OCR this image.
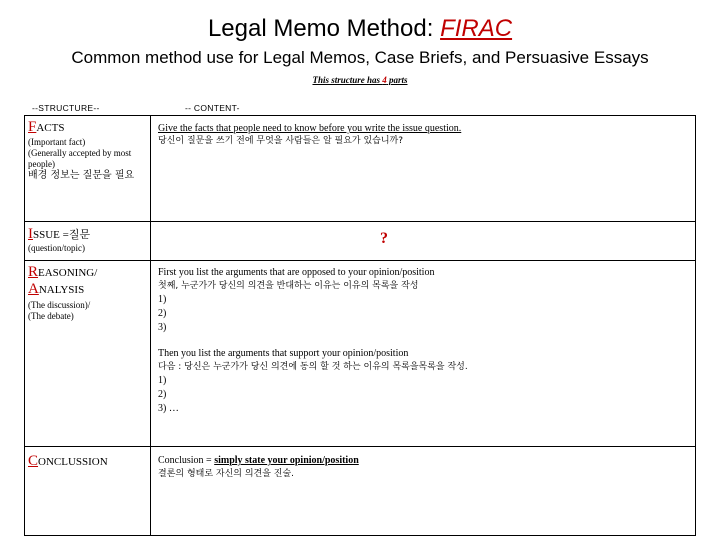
Legal Memo Method: FIRAC
Common method use for Legal Memos, Case Briefs, and Persuasive Essays
This structure has 4 parts
--STRUCTURE--	-- CONTENT-
FACTS
(Important fact)
(Generally accepted by most people)
배경 정보는 질문을 필요
Give the facts that people need to know before you write the issue question.
당신이 질문을 쓰기 전에 무엇을 사람들은 알 필요가 있습니까?
ISSUE =질문
(question/topic)
?
REASONING/
ANALYSIS
(The discussion)/
(The debate)
First you list the arguments that are opposed to your opinion/position
첫째, 누군가가 당신의 의견을 반대하는 이유는 이유의 목록을 작성
1)
2)
3)
Then you list the arguments that support your opinion/position
다음 : 당신은 누군가가 당신 의견에 동의 할 것 하는 이유의 목록을목록을 작성.
1)
2)
3) …
CONCLUSSION	Conclusion = simply state your opinion/position
결론의 형태로 자신의 의견을 진술.
